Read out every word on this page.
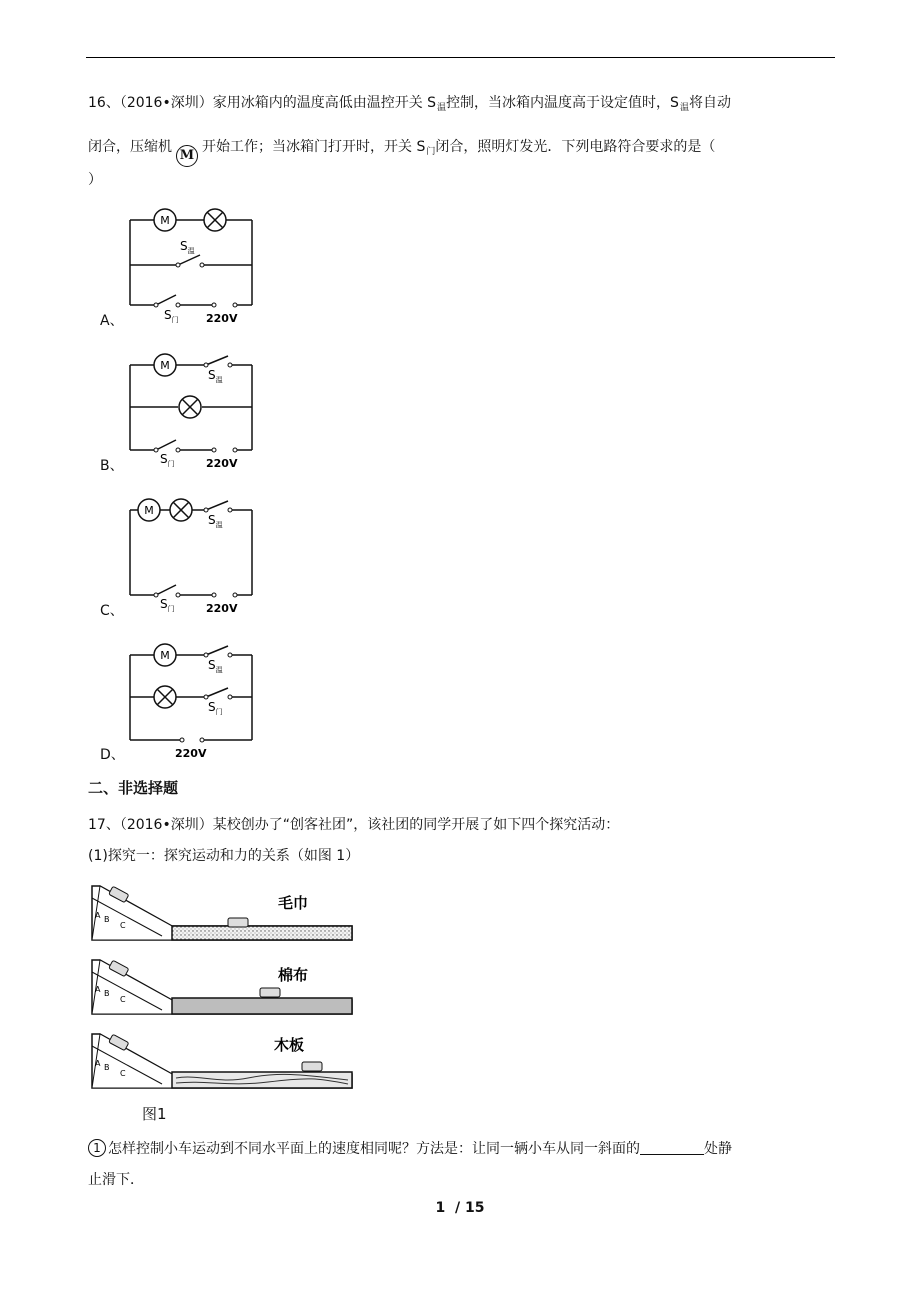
16、（2016•深圳）家用冰箱内的温度高低由温控开关 $S_温$控制，当冰箱内温度高于设定值时，$S_温$将自动
闭合，压缩机M开始工作；当冰箱门打开时，开关 $S_门$闭合，照明灯发光．下列电路符合要求的是（
）
M
$S_温$
$S_门$ 220V
A、
M
$S_温$
$S_门$	220V
B、
M
$S_温$
$S_门$	220V
C、
M
$S_温$
$S_门$
220V
D、
二、非选择题
17、（2016•深圳）某校创办了“创客社团”，该社团的同学开展了如下四个探究活动：
(1)探究一：探究运动和力的关系（如图 1）
A B
C
毛巾
A B
C
棉布
A B
C
木板
图1
1 怎样控制小车运动到不同水平面上的速度相同呢？方法是：让同一辆小车从同一斜面的	处静
止滑下．
1 / 15
